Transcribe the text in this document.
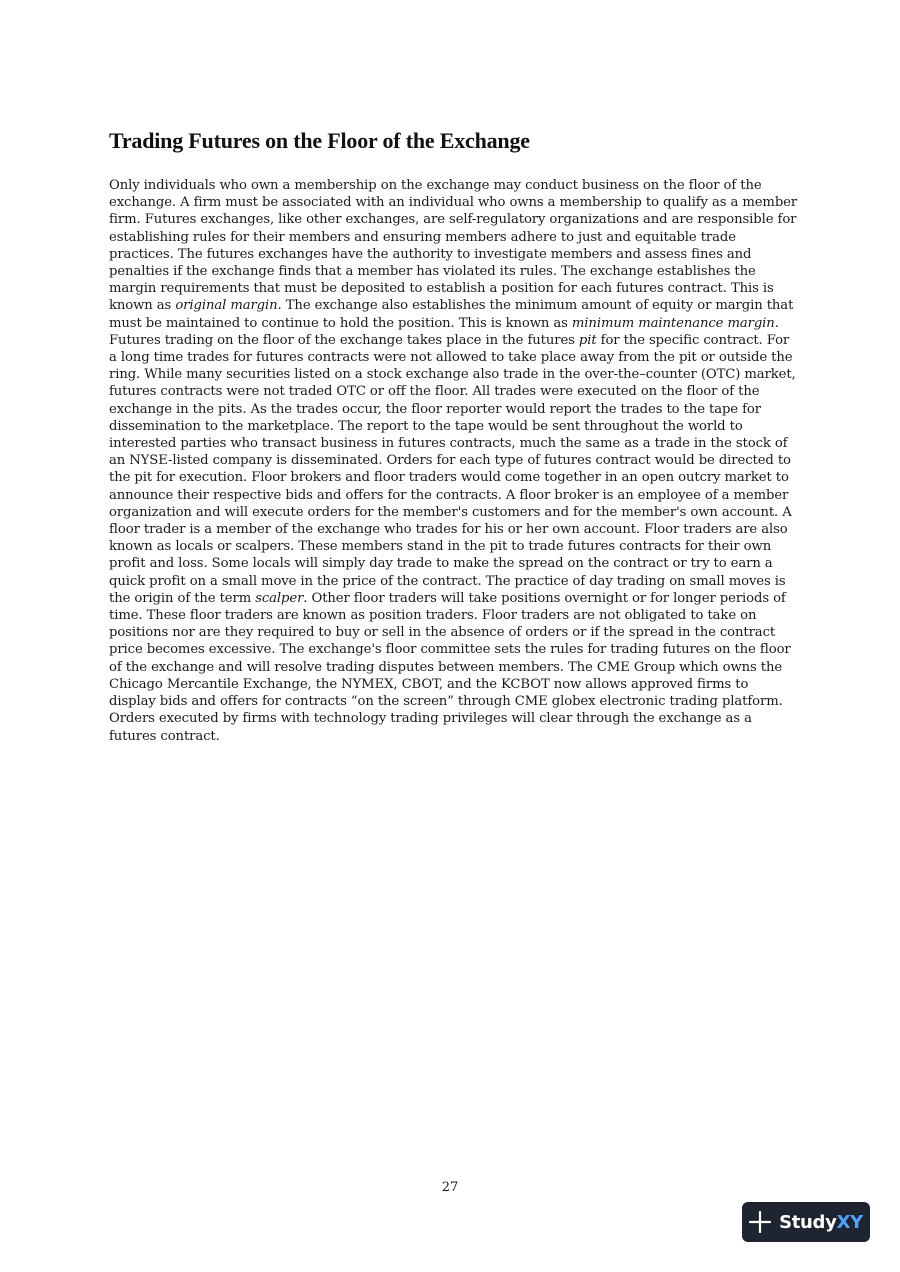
Trading Futures on the Floor of the Exchange

Only individuals who own a membership on the exchange may conduct business on the floor of the exchange. A firm must be associated with an individual who owns a membership to qualify as a member firm. Futures exchanges, like other exchanges, are self-regulatory organizations and are responsible for establishing rules for their members and ensuring members adhere to just and equitable trade practices. The futures exchanges have the authority to investigate members and assess fines and penalties if the exchange finds that a member has violated its rules. The exchange establishes the margin requirements that must be deposited to establish a position for each futures contract. This is known as original margin. The exchange also establishes the minimum amount of equity or margin that must be maintained to continue to hold the position. This is known as minimum maintenance margin. Futures trading on the floor of the exchange takes place in the futures pit for the specific contract. For a long time trades for futures contracts were not allowed to take place away from the pit or outside the ring. While many securities listed on a stock exchange also trade in the over-the–counter (OTC) market, futures contracts were not traded OTC or off the floor. All trades were executed on the floor of the exchange in the pits. As the trades occur, the floor reporter would report the trades to the tape for dissemination to the marketplace. The report to the tape would be sent throughout the world to interested parties who transact business in futures contracts, much the same as a trade in the stock of an NYSE-listed company is disseminated. Orders for each type of futures contract would be directed to the pit for execution. Floor brokers and floor traders would come together in an open outcry market to announce their respective bids and offers for the contracts. A floor broker is an employee of a member organization and will execute orders for the member's customers and for the member's own account. A floor trader is a member of the exchange who trades for his or her own account. Floor traders are also known as locals or scalpers. These members stand in the pit to trade futures contracts for their own profit and loss. Some locals will simply day trade to make the spread on the contract or try to earn a quick profit on a small move in the price of the contract. The practice of day trading on small moves is the origin of the term scalper. Other floor traders will take positions overnight or for longer periods of time. These floor traders are known as position traders. Floor traders are not obligated to take on positions nor are they required to buy or sell in the absence of orders or if the spread in the contract price becomes excessive. The exchange's floor committee sets the rules for trading futures on the floor of the exchange and will resolve trading disputes between members. The CME Group which owns the Chicago Mercantile Exchange, the NYMEX, CBOT, and the KCBOT now allows approved firms to display bids and offers for contracts “on the screen” through CME globex electronic trading platform. Orders executed by firms with technology trading privileges will clear through the exchange as a futures contract.

27
StudyXY
